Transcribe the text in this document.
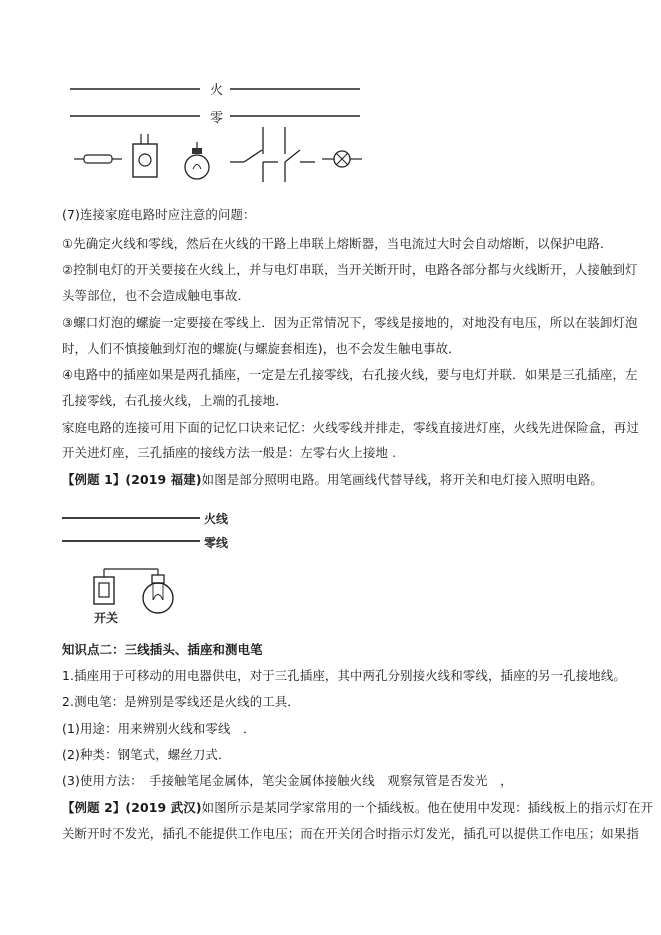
火
零
(7)连接家庭电路时应注意的问题：
①先确定火线和零线，然后在火线的干路上串联上熔断器，当电流过大时会自动熔断，以保护电路．
②控制电灯的开关要接在火线上，并与电灯串联，当开关断开时，电路各部分都与火线断开，人接触到灯
头等部位，也不会造成触电事故．
③螺口灯泡的螺旋一定要接在零线上．因为正常情况下，零线是接地的，对地没有电压，所以在装卸灯泡
时，人们不慎接触到灯泡的螺旋(与螺旋套相连)，也不会发生触电事故．
④电路中的插座如果是两孔插座，一定是左孔接零线，右孔接火线，要与电灯并联．如果是三孔插座，左
孔接零线，右孔接火线，上端的孔接地．
家庭电路的连接可用下面的记忆口诀来记忆：火线零线并排走，零线直接进灯座，火线先进保险盒，再过
开关进灯座，三孔插座的接线方法一般是：左零右火上接地 .
【例题 1】(2019 福建)如图是部分照明电路。用笔画线代替导线，将开关和电灯接入照明电路。
火线
零线
开关
知识点二：三线插头、插座和测电笔
1.插座用于可移动的用电器供电，对于三孔插座，其中两孔分别接火线和零线，插座的另一孔接地线。
2.测电笔：是辨别是零线还是火线的工具．
(1)用途：用来辨别火线和零线　．
(2)种类：钢笔式，螺丝刀式．
(3)使用方法：　手接触笔尾金属体，笔尖金属体接触火线　观察氖管是否发光　，
【例题 2】(2019 武汉)如图所示是某同学家常用的一个插线板。他在使用中发现：插线板上的指示灯在开
关断开时不发光，插孔不能提供工作电压；而在开关闭合时指示灯发光，插孔可以提供工作电压；如果指
